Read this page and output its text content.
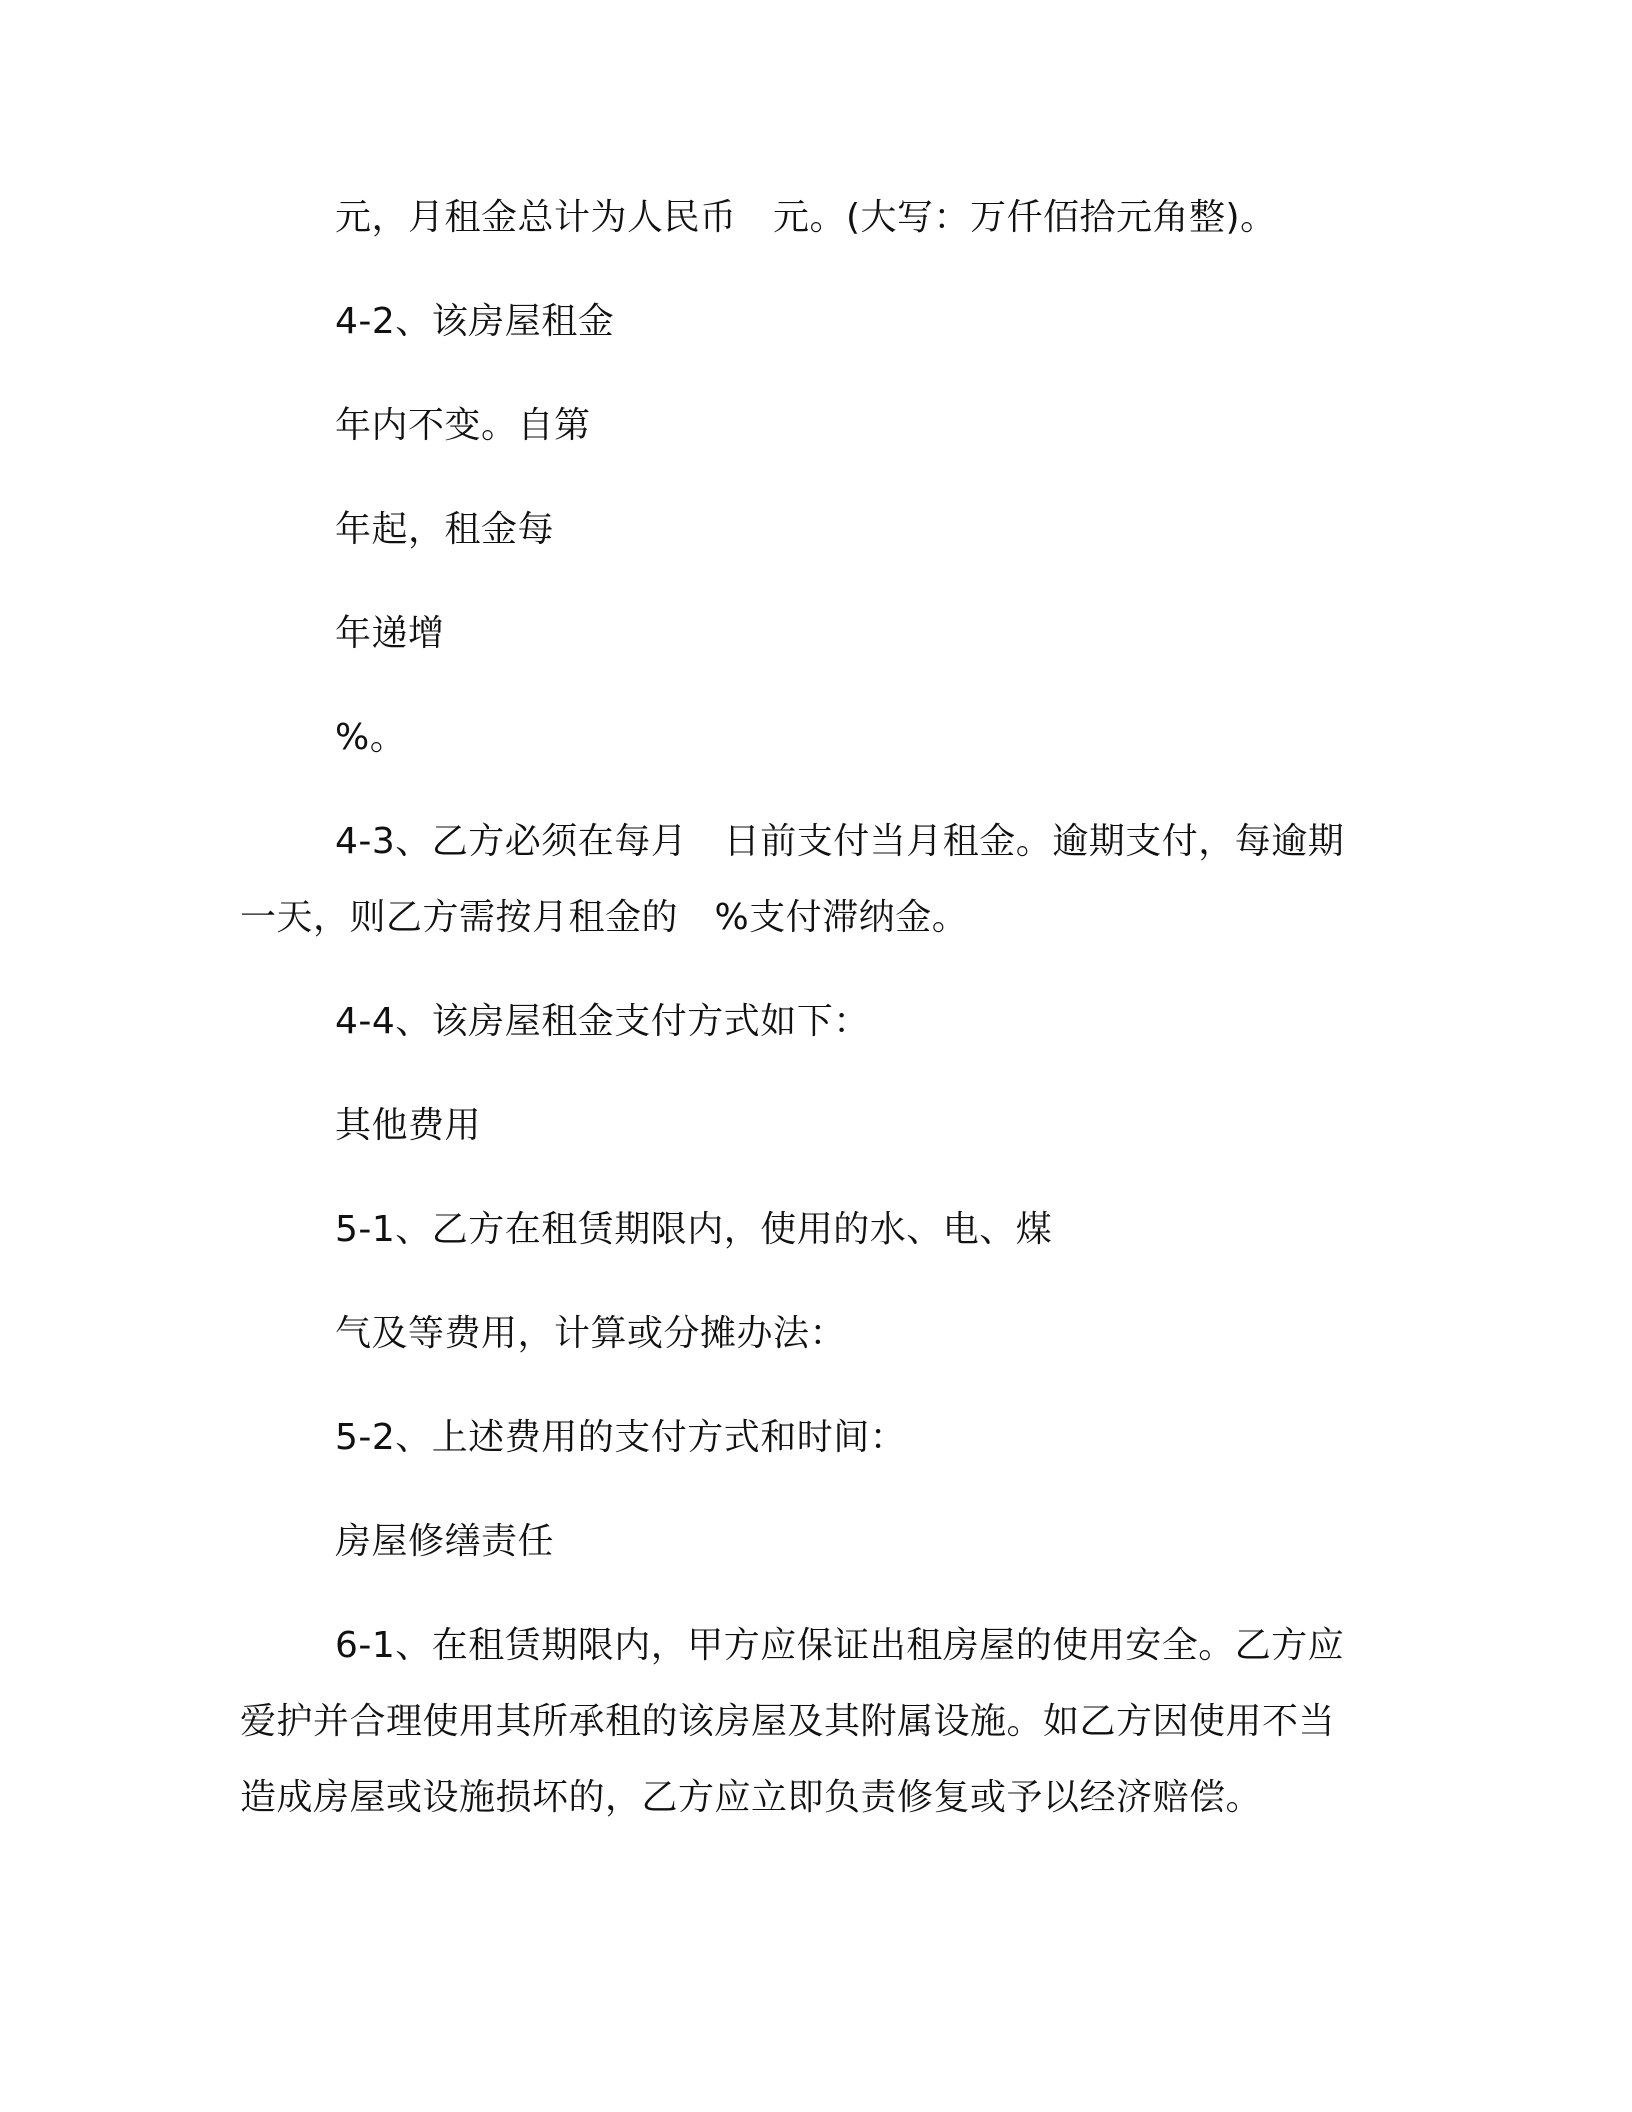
元，月租金总计为人民币　元。(大写：万仟佰拾元角整)。
4-2、该房屋租金
年内不变。自第
年起，租金每
年递增
%。
4-3、乙方必须在每月　日前支付当月租金。逾期支付，每逾期
一天，则乙方需按月租金的　%支付滞纳金。
4-4、该房屋租金支付方式如下：
其他费用
5-1、乙方在租赁期限内，使用的水、电、煤
气及等费用，计算或分摊办法：
5-2、上述费用的支付方式和时间：
房屋修缮责任
6-1、在租赁期限内，甲方应保证出租房屋的使用安全。乙方应
爱护并合理使用其所承租的该房屋及其附属设施。如乙方因使用不当
造成房屋或设施损坏的，乙方应立即负责修复或予以经济赔偿。
